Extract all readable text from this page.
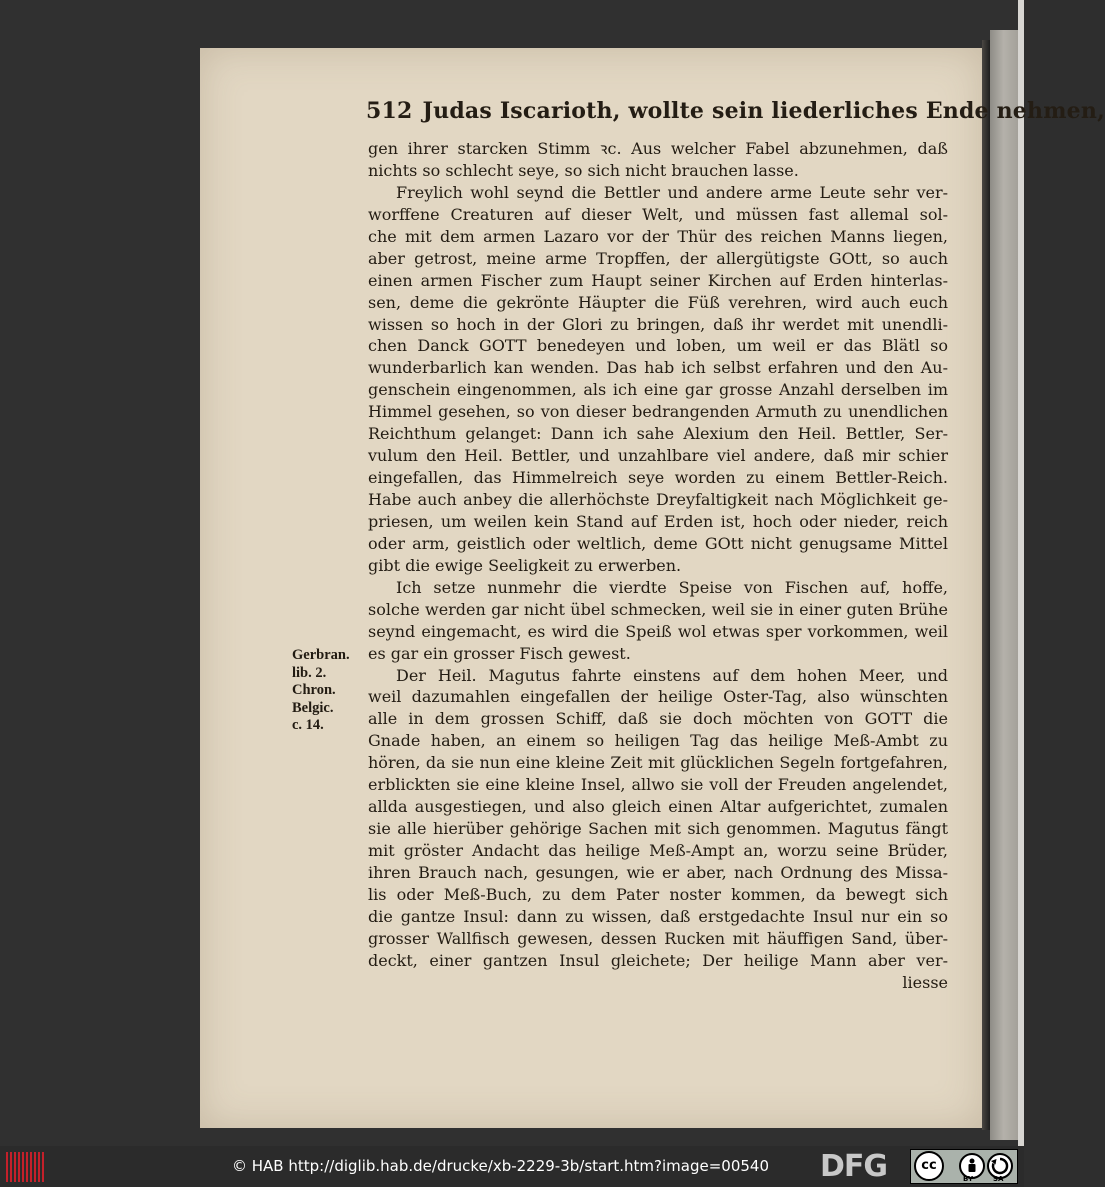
512 Judas Iscarioth, wollte sein liederliches Ende nehmen,
Gerbran.
lib. 2.
Chron.
Belgic.
c. 14.
gen ihrer starcken Stimm ꝛc. Aus welcher Fabel abzunehmen, daß
nichts so schlecht seye, so sich nicht brauchen lasse.
Freylich wohl seynd die Bettler und andere arme Leute sehr ver-
worffene Creaturen auf dieser Welt, und müssen fast allemal sol-
che mit dem armen Lazaro vor der Thür des reichen Manns liegen,
aber getrost, meine arme Tropffen, der allergütigste GOtt, so auch
einen armen Fischer zum Haupt seiner Kirchen auf Erden hinterlas-
sen, deme die gekrönte Häupter die Füß verehren, wird auch euch
wissen so hoch in der Glori zu bringen, daß ihr werdet mit unendli-
chen Danck GOTT benedeyen und loben, um weil er das Blätl so
wunderbarlich kan wenden. Das hab ich selbst erfahren und den Au-
genschein eingenommen, als ich eine gar grosse Anzahl derselben im
Himmel gesehen, so von dieser bedrangenden Armuth zu unendlichen
Reichthum gelanget: Dann ich sahe Alexium den Heil. Bettler, Ser-
vulum den Heil. Bettler, und unzahlbare viel andere, daß mir schier
eingefallen, das Himmelreich seye worden zu einem Bettler-Reich.
Habe auch anbey die allerhöchste Dreyfaltigkeit nach Möglichkeit ge-
priesen, um weilen kein Stand auf Erden ist, hoch oder nieder, reich
oder arm, geistlich oder weltlich, deme GOtt nicht genugsame Mittel
gibt die ewige Seeligkeit zu erwerben.
Ich setze nunmehr die vierdte Speise von Fischen auf, hoffe,
solche werden gar nicht übel schmecken, weil sie in einer guten Brühe
seynd eingemacht, es wird die Speiß wol etwas sper vorkommen, weil
es gar ein grosser Fisch gewest.
Der Heil. Magutus fahrte einstens auf dem hohen Meer, und
weil dazumahlen eingefallen der heilige Oster-Tag, also wünschten
alle in dem grossen Schiff, daß sie doch möchten von GOTT die
Gnade haben, an einem so heiligen Tag das heilige Meß-Ambt zu
hören, da sie nun eine kleine Zeit mit glücklichen Segeln fortgefahren,
erblickten sie eine kleine Insel, allwo sie voll der Freuden angelendet,
allda ausgestiegen, und also gleich einen Altar aufgerichtet, zumalen
sie alle hierüber gehörige Sachen mit sich genommen. Magutus fängt
mit gröster Andacht das heilige Meß-Ampt an, worzu seine Brüder,
ihren Brauch nach, gesungen, wie er aber, nach Ordnung des Missa-
lis oder Meß-Buch, zu dem Pater noster kommen, da bewegt sich
die gantze Insul: dann zu wissen, daß erstgedachte Insul nur ein so
grosser Wallfisch gewesen, dessen Rucken mit häuffigen Sand, über-
deckt, einer gantzen Insul gleichete; Der heilige Mann aber ver-
liesse
© HAB http://diglib.hab.de/drucke/xb-2229-3b/start.htm?image=00540 DFG	cc
BY	SA
